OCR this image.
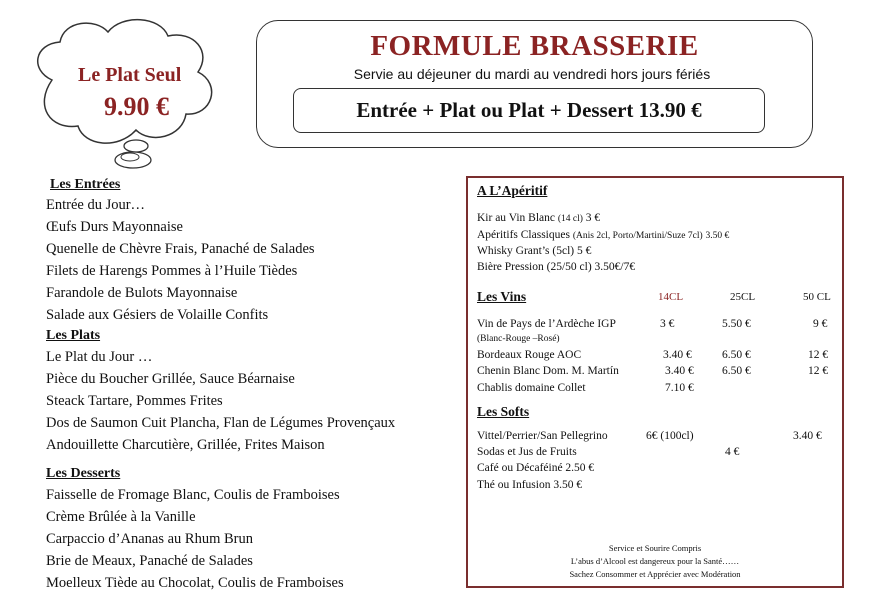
Le Plat Seul
9.90 €
FORMULE BRASSERIE
Servie au déjeuner du mardi au vendredi hors jours fériés
Entrée + Plat ou Plat + Dessert 13.90 €
Les Entrées
Entrée du Jour…
Œufs Durs Mayonnaise
Quenelle de Chèvre Frais, Panaché de Salades
Filets de Harengs Pommes à l’Huile Tièdes
Farandole de Bulots Mayonnaise
Salade aux Gésiers de Volaille Confits
Les Plats
Le Plat du Jour …
Pièce du Boucher Grillée, Sauce Béarnaise
Steack Tartare, Pommes Frites
Dos de Saumon Cuit Plancha, Flan de Légumes Provençaux
Andouillette Charcutière, Grillée, Frites Maison
Les Desserts
Faisselle de Fromage Blanc, Coulis de Framboises
Crème Brûlée à la Vanille
Carpaccio d’Ananas au Rhum Brun
Brie de Meaux, Panaché de Salades
Moelleux Tiède au Chocolat, Coulis de Framboises
A L’Apéritif
Kir au Vin Blanc (14 cl) 3 €
Apéritifs Classiques (Anis 2cl, Porto/Martini/Suze 7cl) 3.50 €
Whisky Grant’s (5cl) 5 €
Bière Pression (25/50 cl) 3.50€/7€
Les Vins	14CL	25CL	50 CL
Vin de Pays de l’Ardèche IGP	3 €	5.50 €	9 €
(Blanc-Rouge –Rosé)
Bordeaux Rouge AOC	3.40 €	6.50 €	12 €
Chenin Blanc Dom. M. Martín	3.40 € 6.50 €	12 €
Chablis domaine Collet	7.10 €
Les Softs
Vittel/Perrier/San Pellegrino	6€ (100cl)	3.40 €
Sodas et Jus de Fruits	4 €
Café ou Décaféiné 2.50 €
Thé ou Infusion 3.50 €
Service et Sourire Compris
L’abus d’Alcool est dangereux pour la Santé……
Sachez Consommer et Apprécier avec Modération
